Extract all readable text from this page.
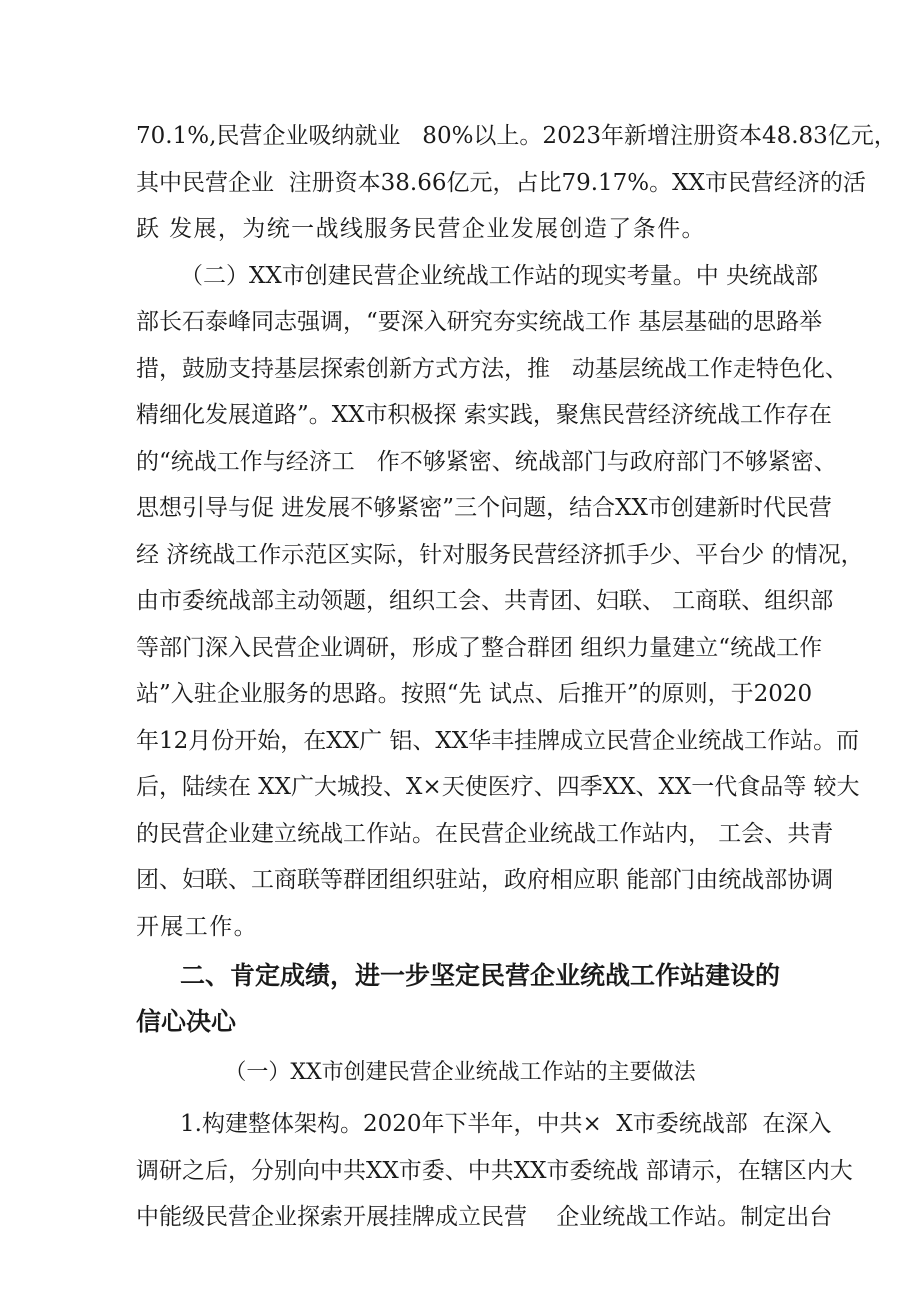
70.1%,民营企业吸纳就业   80%以上。2023年新增注册资本48.83亿元，
其中民营企业  注册资本38.66亿元，占比79.17%。XX市民营经济的活
跃 发展，为统一战线服务民营企业发展创造了条件。
（二）XX市创建民营企业统战工作站的现实考量。中 央统战部
部长石泰峰同志强调，“要深入研究夯实统战工作 基层基础的思路举
措，鼓励支持基层探索创新方式方法，推   动基层统战工作走特色化、
精细化发展道路”。XX市积极探 索实践，聚焦民营经济统战工作存在
的“统战工作与经济工   作不够紧密、统战部门与政府部门不够紧密、
思想引导与促 进发展不够紧密”三个问题，结合XX市创建新时代民营
经 济统战工作示范区实际，针对服务民营经济抓手少、平台少 的情况，
由市委统战部主动领题，组织工会、共青团、妇联、 工商联、组织部
等部门深入民营企业调研，形成了整合群团 组织力量建立“统战工作
站”入驻企业服务的思路。按照“先 试点、后推开”的原则，于2020
年12月份开始，在XX广 铝、XX华丰挂牌成立民营企业统战工作站。而
后，陆续在 XX广大城投、X×天使医疗、四季XX、XX一代食品等 较大
的民营企业建立统战工作站。在民营企业统战工作站内， 工会、共青
团、妇联、工商联等群团组织驻站，政府相应职 能部门由统战部协调
开展工作。
二、肯定成绩，进一步坚定民营企业统战工作站建设的
信心决心
（一）XX市创建民营企业统战工作站的主要做法
1.构建整体架构。2020年下半年，中共×  X市委统战部  在深入
调研之后，分别向中共XX市委、中共XX市委统战 部请示，在辖区内大
中能级民营企业探索开展挂牌成立民营    企业统战工作站。制定出台
